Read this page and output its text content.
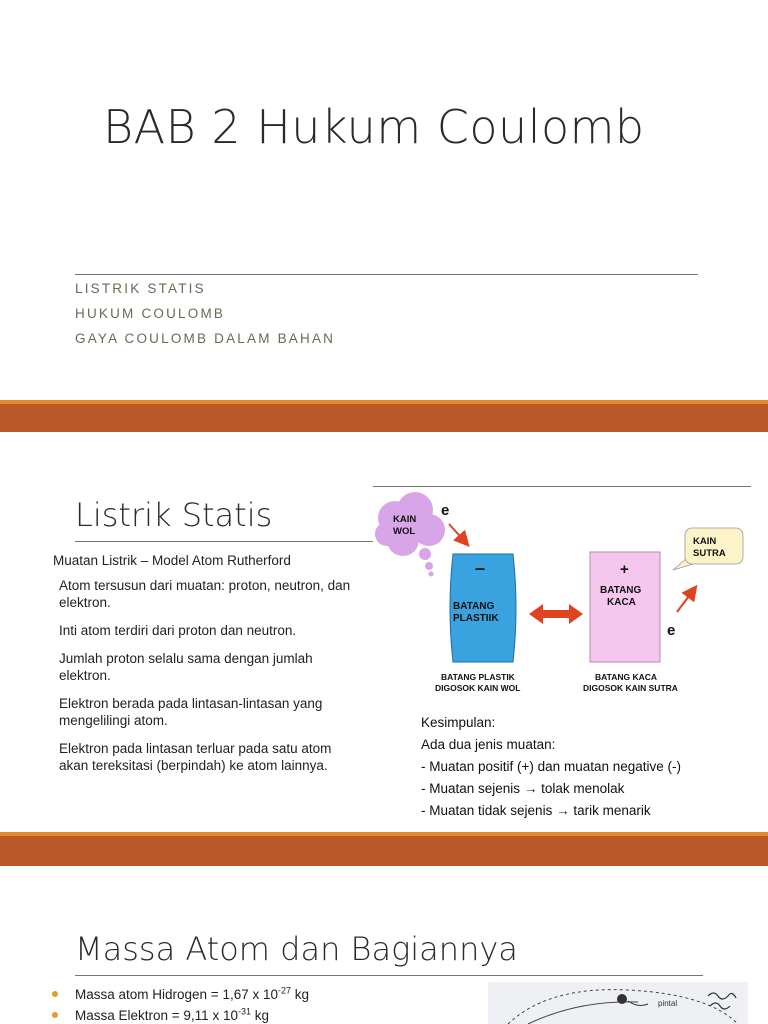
BAB 2 Hukum Coulomb
LISTRIK STATIS
HUKUM COULOMB
GAYA COULOMB DALAM BAHAN
Listrik Statis
Muatan Listrik – Model Atom Rutherford
Atom tersusun dari muatan: proton, neutron, dan elektron.
Inti atom terdiri dari proton dan neutron.
Jumlah proton selalu sama dengan jumlah elektron.
Elektron berada pada lintasan-lintasan yang mengelilingi atom.
Elektron pada lintasan terluar pada satu atom akan tereksitasi (berpindah) ke atom lainnya.
KAIN
WOL
e
–
BATANG
PLASTIIK
+
BATANG
KACA
e
KAIN
SUTRA
BATANG PLASTIK
DIGOSOK KAIN WOL
BATANG KACA
DIGOSOK KAIN SUTRA
Kesimpulan:
Ada dua jenis muatan:
- Muatan positif (+) dan muatan negative (-)
- Muatan sejenis → tolak menolak
- Muatan tidak sejenis → tarik menarik
Massa Atom dan Bagiannya
Massa atom Hidrogen = 1,67 x $10^{-27}$ kg
Massa Elektron = 9,11 x $10^{-31}$ kg
pintal
